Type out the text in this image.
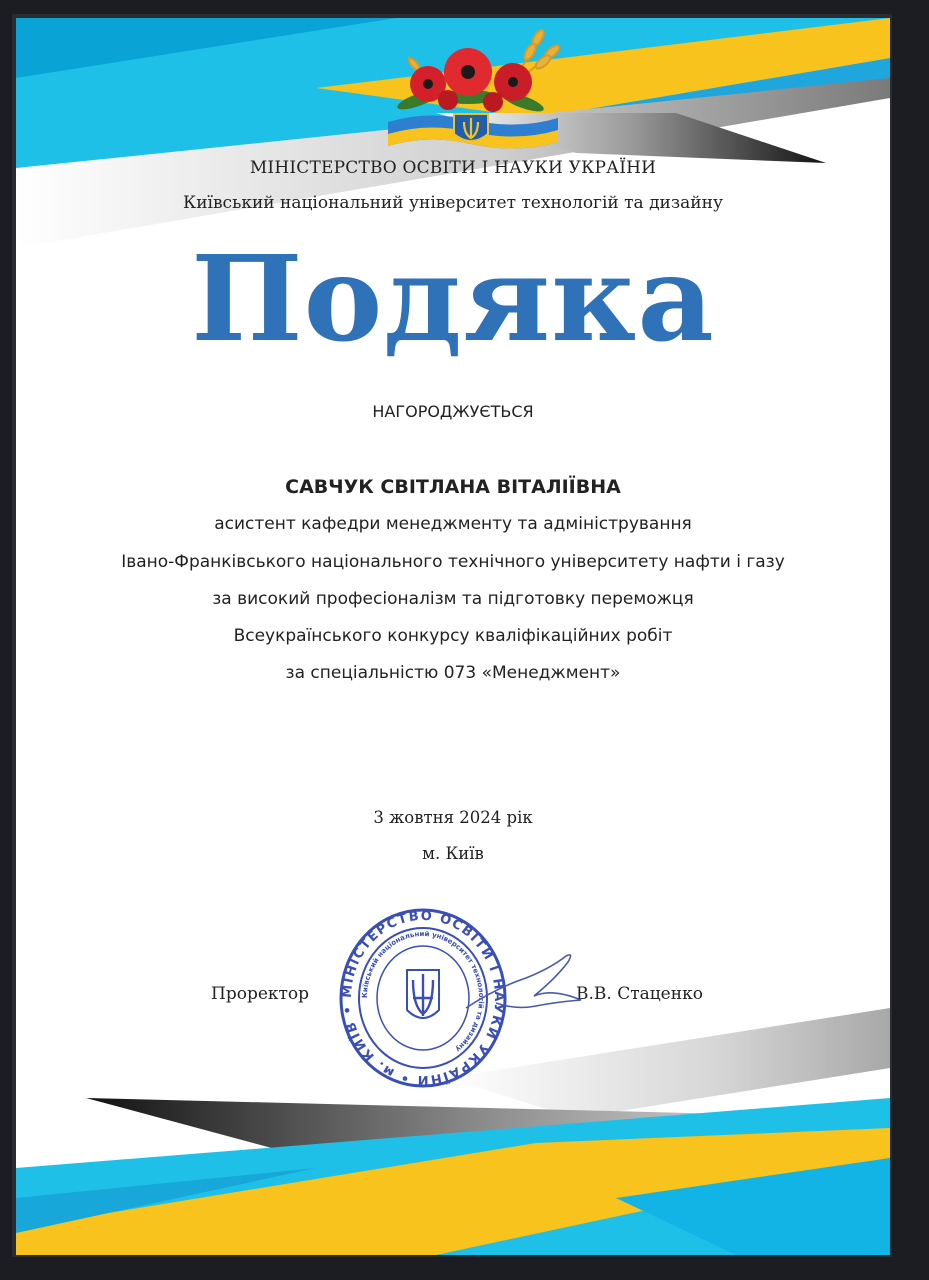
МІНІСТЕРСТВО ОСВІТИ І НАУКИ УКРАЇНИ
Київський національний університет технологій та дизайну
Подяка
НАГОРОДЖУЄТЬСЯ
САВЧУК СВІТЛАНА ВІТАЛІЇВНА
асистент кафедри менеджменту та адміністрування
Івано-Франківського національного технічного університету нафти і газу
за високий професіоналізм та підготовку переможця
Всеукраїнського конкурсу кваліфікаційних робіт
за спеціальністю 073 «Менеджмент»
3 жовтня 2024 рік
м. Київ
Проректор	В.В. Стаценко
МІНІСТЕРСТВО ОСВІТИ І НАУКИ УКРАЇНИ • м. КИЇВ •
Київський національний університет технологій та дизайну
